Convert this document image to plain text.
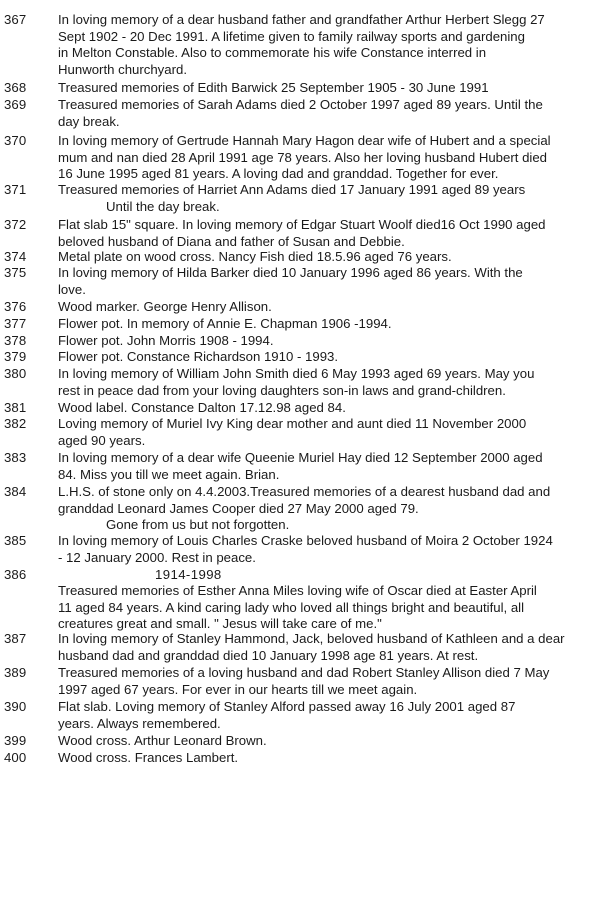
367	In loving memory of a dear husband father and grandfather Arthur Herbert Slegg 27
Sept 1902 - 20 Dec 1991. A lifetime given to family railway sports and gardening
in Melton Constable. Also to commemorate his wife Constance interred in
Hunworth churchyard.
368	Treasured memories of Edith Barwick 25 September 1905 - 30 June 1991
369	Treasured memories of Sarah Adams died 2 October 1997 aged 89 years. Until the
day break.
370	In loving memory of Gertrude Hannah Mary Hagon dear wife of Hubert and a special
mum and nan died 28 April 1991 age 78 years. Also her loving husband Hubert died
16 June 1995 aged 81 years. A loving dad and granddad. Together for ever.
371	Treasured memories of Harriet Ann Adams died 17 January 1991 aged 89 years
Until the day break.
372	Flat slab 15" square. In loving memory of Edgar Stuart Woolf died16 Oct 1990 aged
beloved husband of Diana and father of Susan and Debbie.
374	Metal plate on wood cross. Nancy Fish died 18.5.96 aged 76 years.
375	In loving memory of Hilda Barker died 10 January 1996 aged 86 years. With the
love.
376	Wood marker. George Henry Allison.
377	Flower pot. In memory of Annie E. Chapman 1906 -1994.
378	Flower pot. John Morris 1908 - 1994.
379	Flower pot. Constance Richardson 1910 - 1993.
380	In loving memory of William John Smith died 6 May 1993 aged 69 years. May you
rest in peace dad from your loving daughters son-in laws and grand-children.
381	Wood label. Constance Dalton 17.12.98 aged 84.
382	Loving memory of Muriel Ivy King dear mother and aunt died 11 November 2000
aged 90 years.
383	In loving memory of a dear wife Queenie Muriel Hay died 12 September 2000 aged
84. Miss you till we meet again. Brian.
384	L.H.S. of stone only on 4.4.2003.Treasured memories of a dearest husband dad and
granddad Leonard James Cooper died 27 May 2000 aged 79.
Gone from us but not forgotten.
385	In loving memory of Louis Charles Craske beloved husband of Moira 2 October 1924
- 12 January 2000. Rest in peace.
386	1914-1998
Treasured memories of Esther Anna Miles loving wife of Oscar died at Easter April
11 aged 84 years. A kind caring lady who loved all things bright and beautiful, all
creatures great and small. " Jesus will take care of me."
387	In loving memory of Stanley Hammond, Jack, beloved husband of Kathleen and a dear
husband dad and granddad died 10 January 1998 age 81 years. At rest.
389	Treasured memories of a loving husband and dad Robert Stanley Allison died 7 May
1997 aged 67 years. For ever in our hearts till we meet again.
390	Flat slab. Loving memory of Stanley Alford passed away 16 July 2001 aged 87
years. Always remembered.
399	Wood cross. Arthur Leonard Brown.
400	Wood cross. Frances Lambert.
